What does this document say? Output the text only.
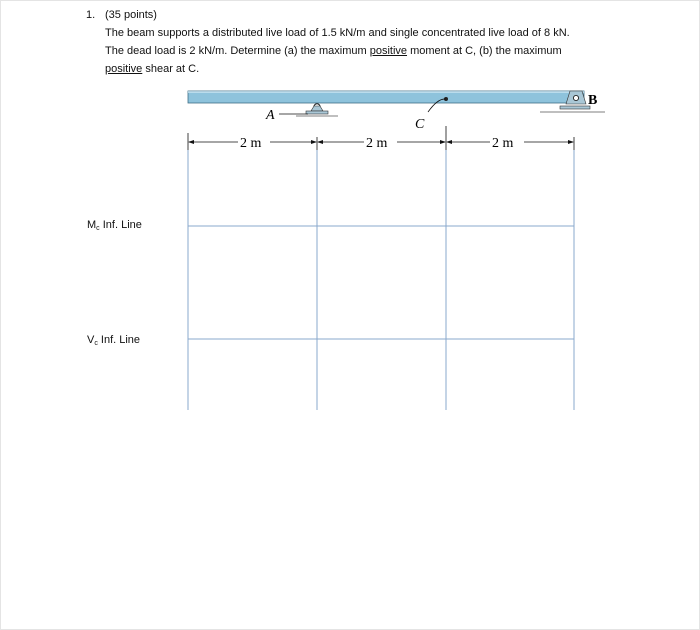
1. (35 points)
The beam supports a distributed live load of 1.5 kN/m and single concentrated live load of 8 kN.
The dead load is 2 kN/m. Determine (a) the maximum positive moment at C, (b) the maximum
positive shear at C.
A
C
B
2 m	2 m	2 m
$M_c$ Inf. Line
$V_c$ Inf. Line
